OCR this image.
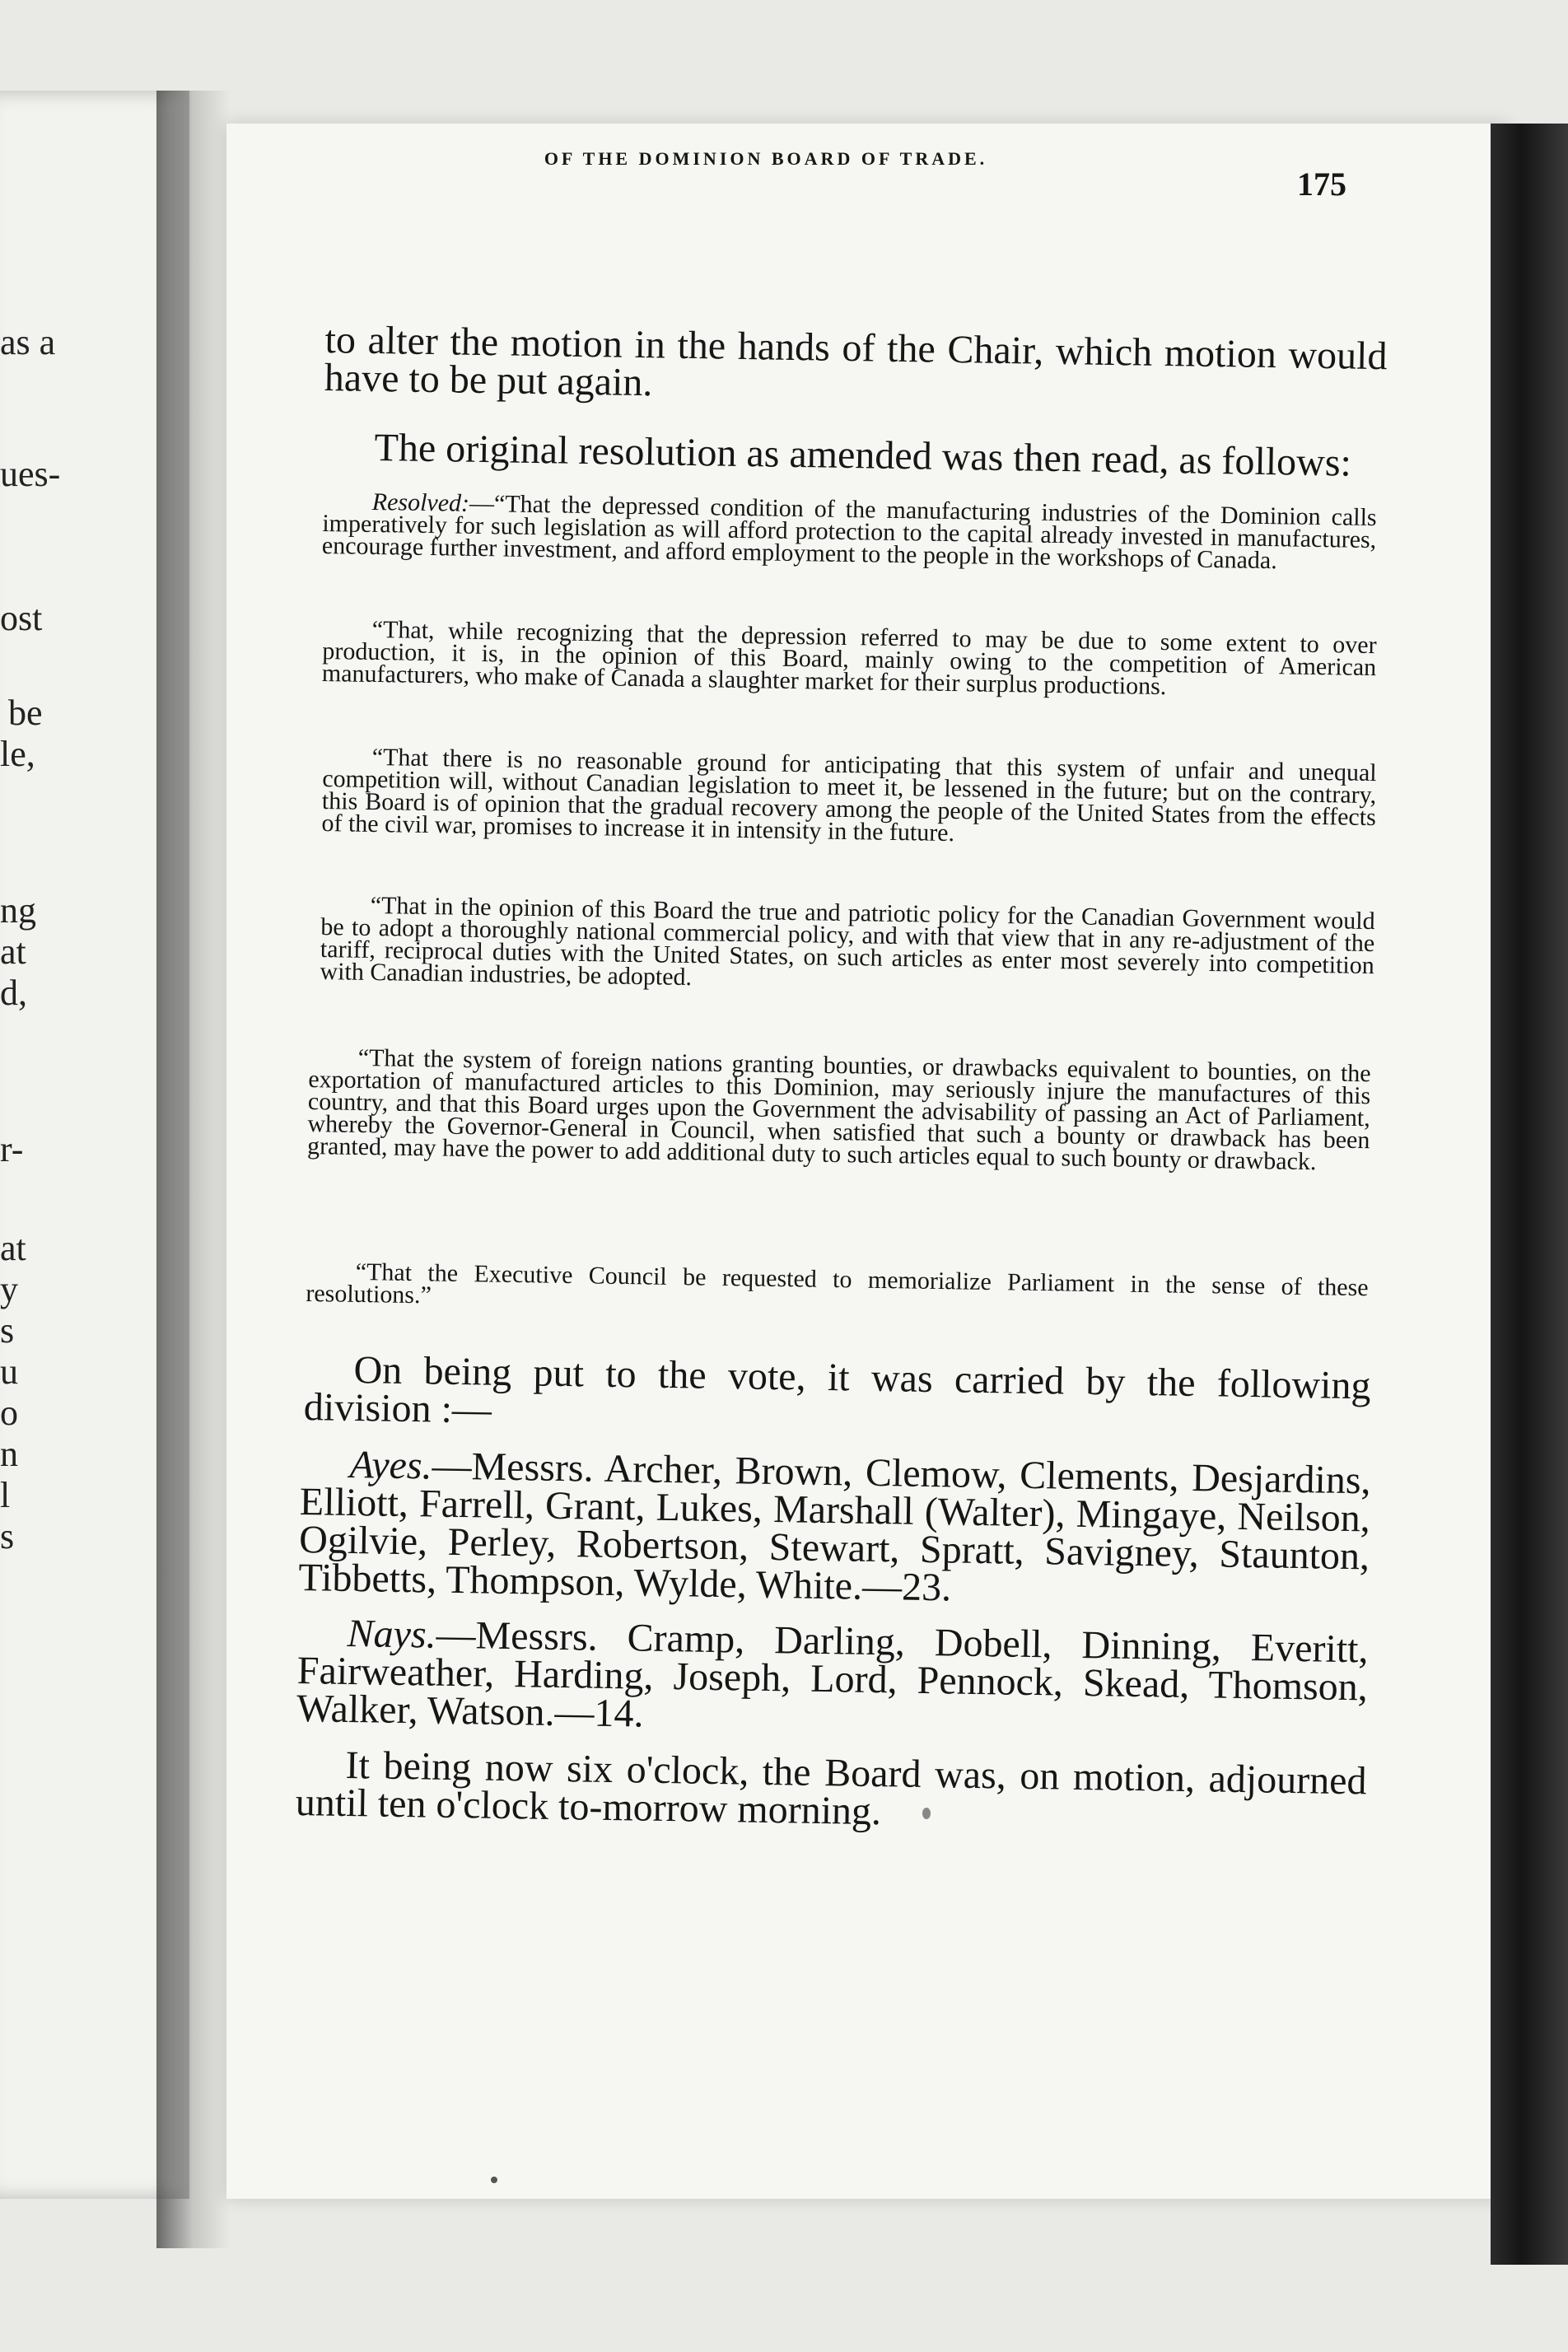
as a
ues-
ost
be
le,
ng
at
d,
r-
at
y
s
u
o
n
l
s
OF THE DOMINION BOARD OF TRADE.
175
to alter the motion in the hands of the Chair, which motion would have to be put again.
The original resolution as amended was then read, as follows:
Resolved:—“That the depressed condition of the manufacturing industries of the Dominion calls imperatively for such legislation as will afford protection to the capital already invested in manufactures, encourage further investment, and afford employment to the people in the workshops of Canada.
“That, while recognizing that the depression referred to may be due to some extent to over production, it is, in the opinion of this Board, mainly owing to the competition of American manufacturers, who make of Canada a slaughter market for their surplus productions.
“That there is no reasonable ground for anticipating that this system of unfair and unequal competition will, without Canadian legislation to meet it, be lessened in the future; but on the contrary, this Board is of opinion that the gradual recovery among the people of the United States from the effects of the civil war, promises to increase it in intensity in the future.
“That in the opinion of this Board the true and patriotic policy for the Canadian Government would be to adopt a thoroughly national commercial policy, and with that view that in any re-adjustment of the tariff, reciprocal duties with the United States, on such articles as enter most severely into competition with Canadian industries, be adopted.
“That the system of foreign nations granting bounties, or drawbacks equivalent to bounties, on the exportation of manufactured articles to this Dominion, may seriously injure the manufactures of this country, and that this Board urges upon the Government the advisability of passing an Act of Parliament, whereby the Governor-General in Council, when satisfied that such a bounty or drawback has been granted, may have the power to add additional duty to such articles equal to such bounty or drawback.
“That the Executive Council be requested to memorialize Parliament in the sense of these resolutions.”
On being put to the vote, it was carried by the following division :—
Ayes.—Messrs. Archer, Brown, Clemow, Clements, Desjardins, Elliott, Farrell, Grant, Lukes, Marshall (Walter), Mingaye, Neilson, Ogilvie, Perley, Robertson, Stewart, Spratt, Savigney, Staunton, Tibbetts, Thompson, Wylde, White.—23.
Nays.—Messrs. Cramp, Darling, Dobell, Dinning, Everitt, Fairweather, Harding, Joseph, Lord, Pennock, Skead, Thomson, Walker, Watson.—14.
It being now six o'clock, the Board was, on motion, adjourned until ten o'clock to-morrow morning.
